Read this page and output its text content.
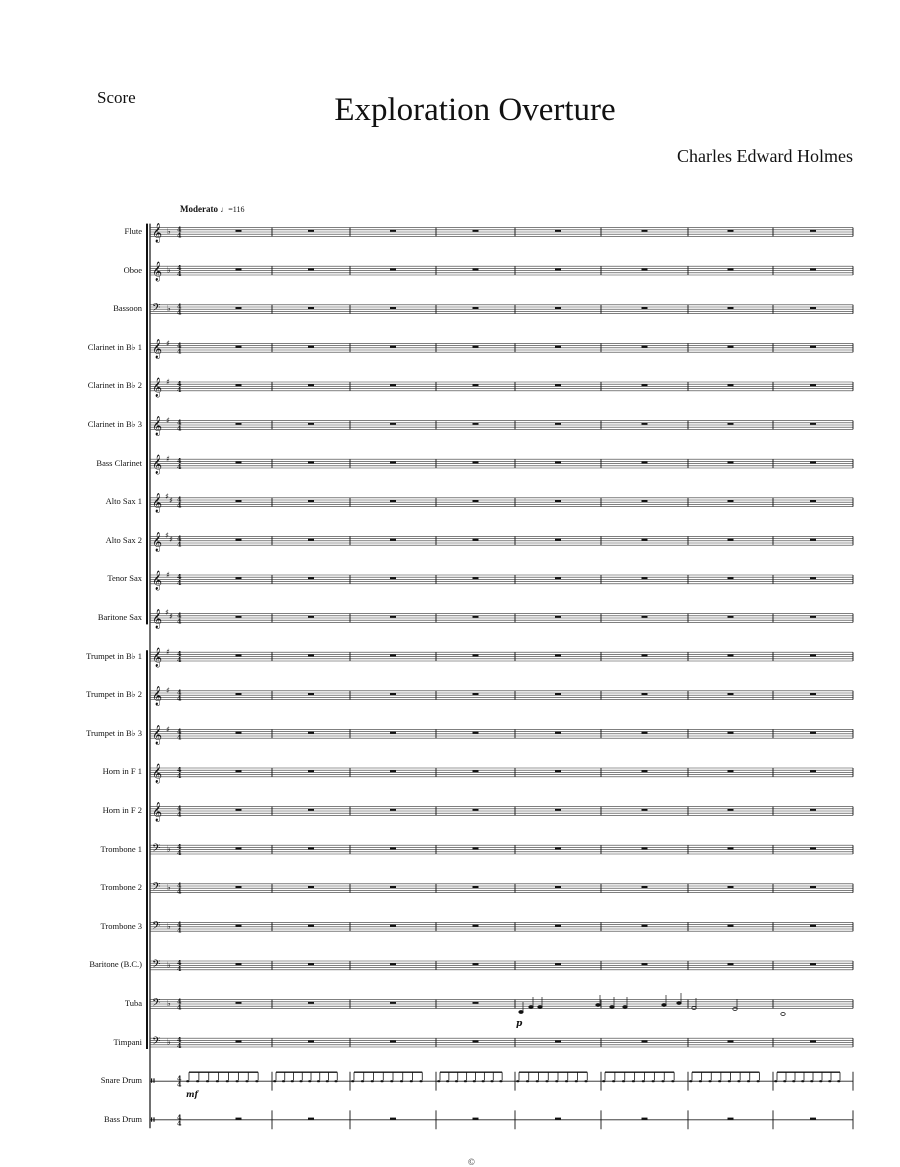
Score	Exploration Overture
Charles Edward Holmes
Moderato ♩=116
𝄞 ♭ 4
4
𝄞 ♭ 4
4
𝄢 ♭ 4
4
𝄞 ♯ 4
4
𝄞 ♯ 4
4
𝄞 ♯ 4
4
𝄞 ♯ 4
4
𝄞 ♯ ♯ 4
4
𝄞 ♯ ♯ 4
4
𝄞 ♯ 4
4
𝄞 ♯ ♯ 4
4
𝄞 ♯ 4
4
𝄞 ♯ 4
4
𝄞 ♯ 4
4
𝄞 4
4
𝄞 4
4
𝄢 ♭ 4
4
𝄢 ♭ 4
4
𝄢 ♭ 4
4
𝄢 ♭ 4
4
𝄢 ♭ 4
4
𝄢 ♭ 4
4
𝄥	4
4
𝄥	4
4
p
mf
Flute
Oboe
Bassoon
Clarinet in B♭ 1
Clarinet in B♭ 2
Clarinet in B♭ 3
Bass Clarinet
Alto Sax 1
Alto Sax 2
Tenor Sax
Baritone Sax
Trumpet in B♭ 1
Trumpet in B♭ 2
Trumpet in B♭ 3
Horn in F 1
Horn in F 2
Trombone 1
Trombone 2
Trombone 3
Baritone (B.C.)
Tuba
Timpani
Snare Drum
Bass Drum
©
